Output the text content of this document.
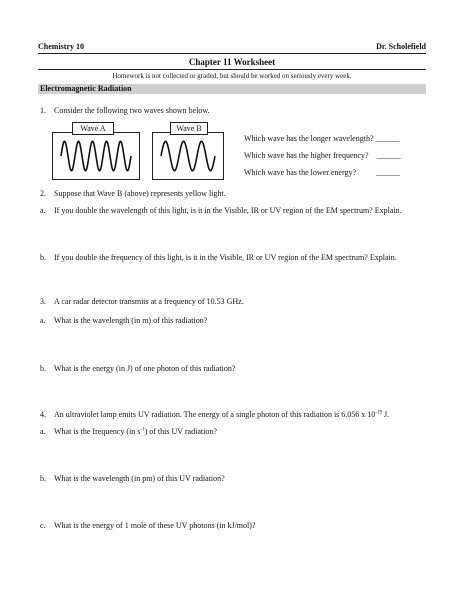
Chemistry 10	Dr. Scholefield
Chapter 11 Worksheet
Homework is not collected or graded, but should be worked on seriously every week.
Electromagnetic Radiation
1. Consider the following two waves shown below.
Wave A	Wave B
Which wave has the longer wavelength? ______
Which wave has the higher frequency? ______
Which wave has the lower energy?	______
2. Suppose that Wave B (above) represents yellow light.
a. If you double the wavelength of this light, is it in the Visible, IR or UV region of the EM spectrum? Explain.
b. If you double the frequency of this light, is it in the Visible, IR or UV region of the EM spectrum? Explain.
3. A car radar detector transmits at a frequency of 10.53 GHz.
a. What is the wavelength (in m) of this radiation?
b. What is the energy (in J) of one photon of this radiation?
4. An ultraviolet lamp emits UV radiation. The energy of a single photon of this radiation is 6.056 x $10^{-19}$ J.
a. What is the frequency (in $s^{-1}$) of this UV radiation?
b. What is the wavelength (in pm) of this UV radiation?
c. What is the energy of 1 mole of these UV photons (in kJ/mol)?
